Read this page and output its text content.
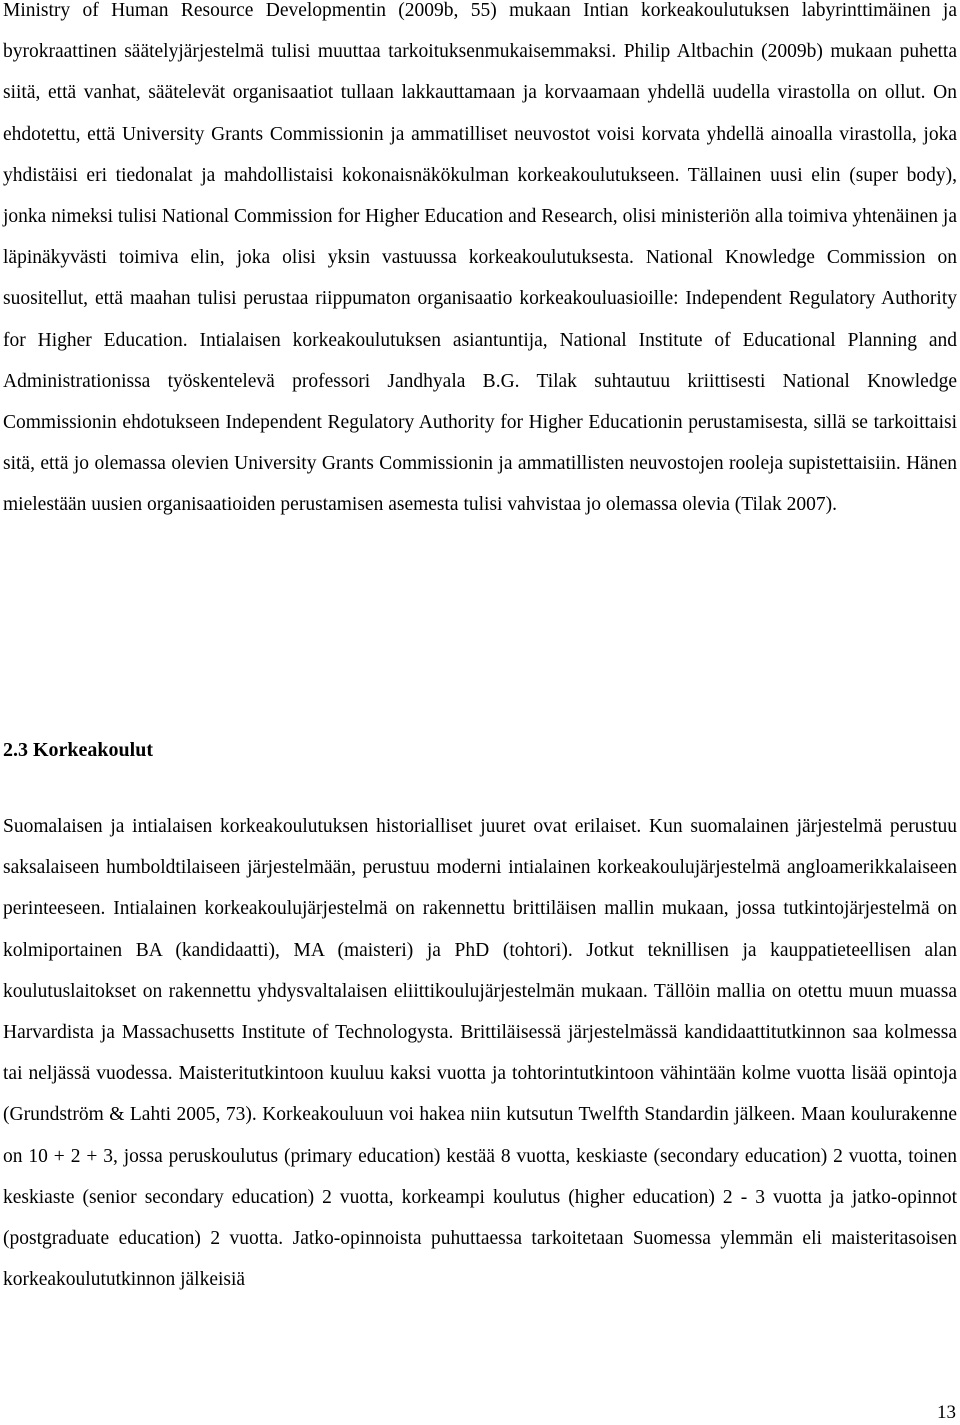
Ministry of Human Resource Developmentin (2009b, 55) mukaan Intian korkeakoulutuksen labyrinttimäinen ja byrokraattinen säätelyjärjestelmä tulisi muuttaa tarkoituksenmukaisemmaksi. Philip Altbachin (2009b) mukaan puhetta siitä, että vanhat, säätelevät organisaatiot tullaan lakkauttamaan ja korvaamaan yhdellä uudella virastolla on ollut. On ehdotettu, että University Grants Commissionin ja ammatilliset neuvostot voisi korvata yhdellä ainoalla virastolla, joka yhdistäisi eri tiedonalat ja mahdollistaisi kokonaisnäkökulman korkeakoulutukseen. Tällainen uusi elin (super body), jonka nimeksi tulisi National Commission for Higher Education and Research, olisi ministeriön alla toimiva yhtenäinen ja läpinäkyvästi toimiva elin, joka olisi yksin vastuussa korkeakoulutuksesta. National Knowledge Commission on suositellut, että maahan tulisi perustaa riippumaton organisaatio korkeakouluasioille: Independent Regulatory Authority for Higher Education. Intialaisen korkeakoulutuksen asiantuntija, National Institute of Educational Planning and Administrationissa työskentelevä professori Jandhyala B.G. Tilak suhtautuu kriittisesti National Knowledge Commissionin ehdotukseen Independent Regulatory Authority for Higher Educationin perustamisesta, sillä se tarkoittaisi sitä, että jo olemassa olevien University Grants Commissionin ja ammatillisten neuvostojen rooleja supistettaisiin. Hänen mielestään uusien organisaatioiden perustamisen asemesta tulisi vahvistaa jo olemassa olevia (Tilak 2007).

2.3 Korkeakoulut

Suomalaisen ja intialaisen korkeakoulutuksen historialliset juuret ovat erilaiset. Kun suomalainen järjestelmä perustuu saksalaiseen humboldtilaiseen järjestelmään, perustuu moderni intialainen korkeakoulujärjestelmä angloamerikkalaiseen perinteeseen. Intialainen korkeakoulujärjestelmä on rakennettu brittiläisen mallin mukaan, jossa tutkintojärjestelmä on kolmiportainen BA (kandidaatti), MA (maisteri) ja PhD (tohtori). Jotkut teknillisen ja kauppatieteellisen alan koulutuslaitokset on rakennettu yhdysvaltalaisen eliittikoulujärjestelmän mukaan. Tällöin mallia on otettu muun muassa Harvardista ja Massachusetts Institute of Technologysta. Brittiläisessä järjestelmässä kandidaattitutkinnon saa kolmessa tai neljässä vuodessa. Maisteritutkintoon kuuluu kaksi vuotta ja tohtorintutkintoon vähintään kolme vuotta lisää opintoja (Grundström & Lahti 2005, 73). Korkeakouluun voi hakea niin kutsutun Twelfth Standardin jälkeen. Maan koulurakenne on 10 + 2 + 3, jossa peruskoulutus (primary education) kestää 8 vuotta, keskiaste (secondary education) 2 vuotta, toinen keskiaste (senior secondary education) 2 vuotta, korkeampi koulutus (higher education) 2 - 3 vuotta ja jatko-opinnot (postgraduate education) 2 vuotta. Jatko-opinnoista puhuttaessa tarkoitetaan Suomessa ylemmän eli maisteritasoisen korkeakoulututkinnon jälkeisiä

13
